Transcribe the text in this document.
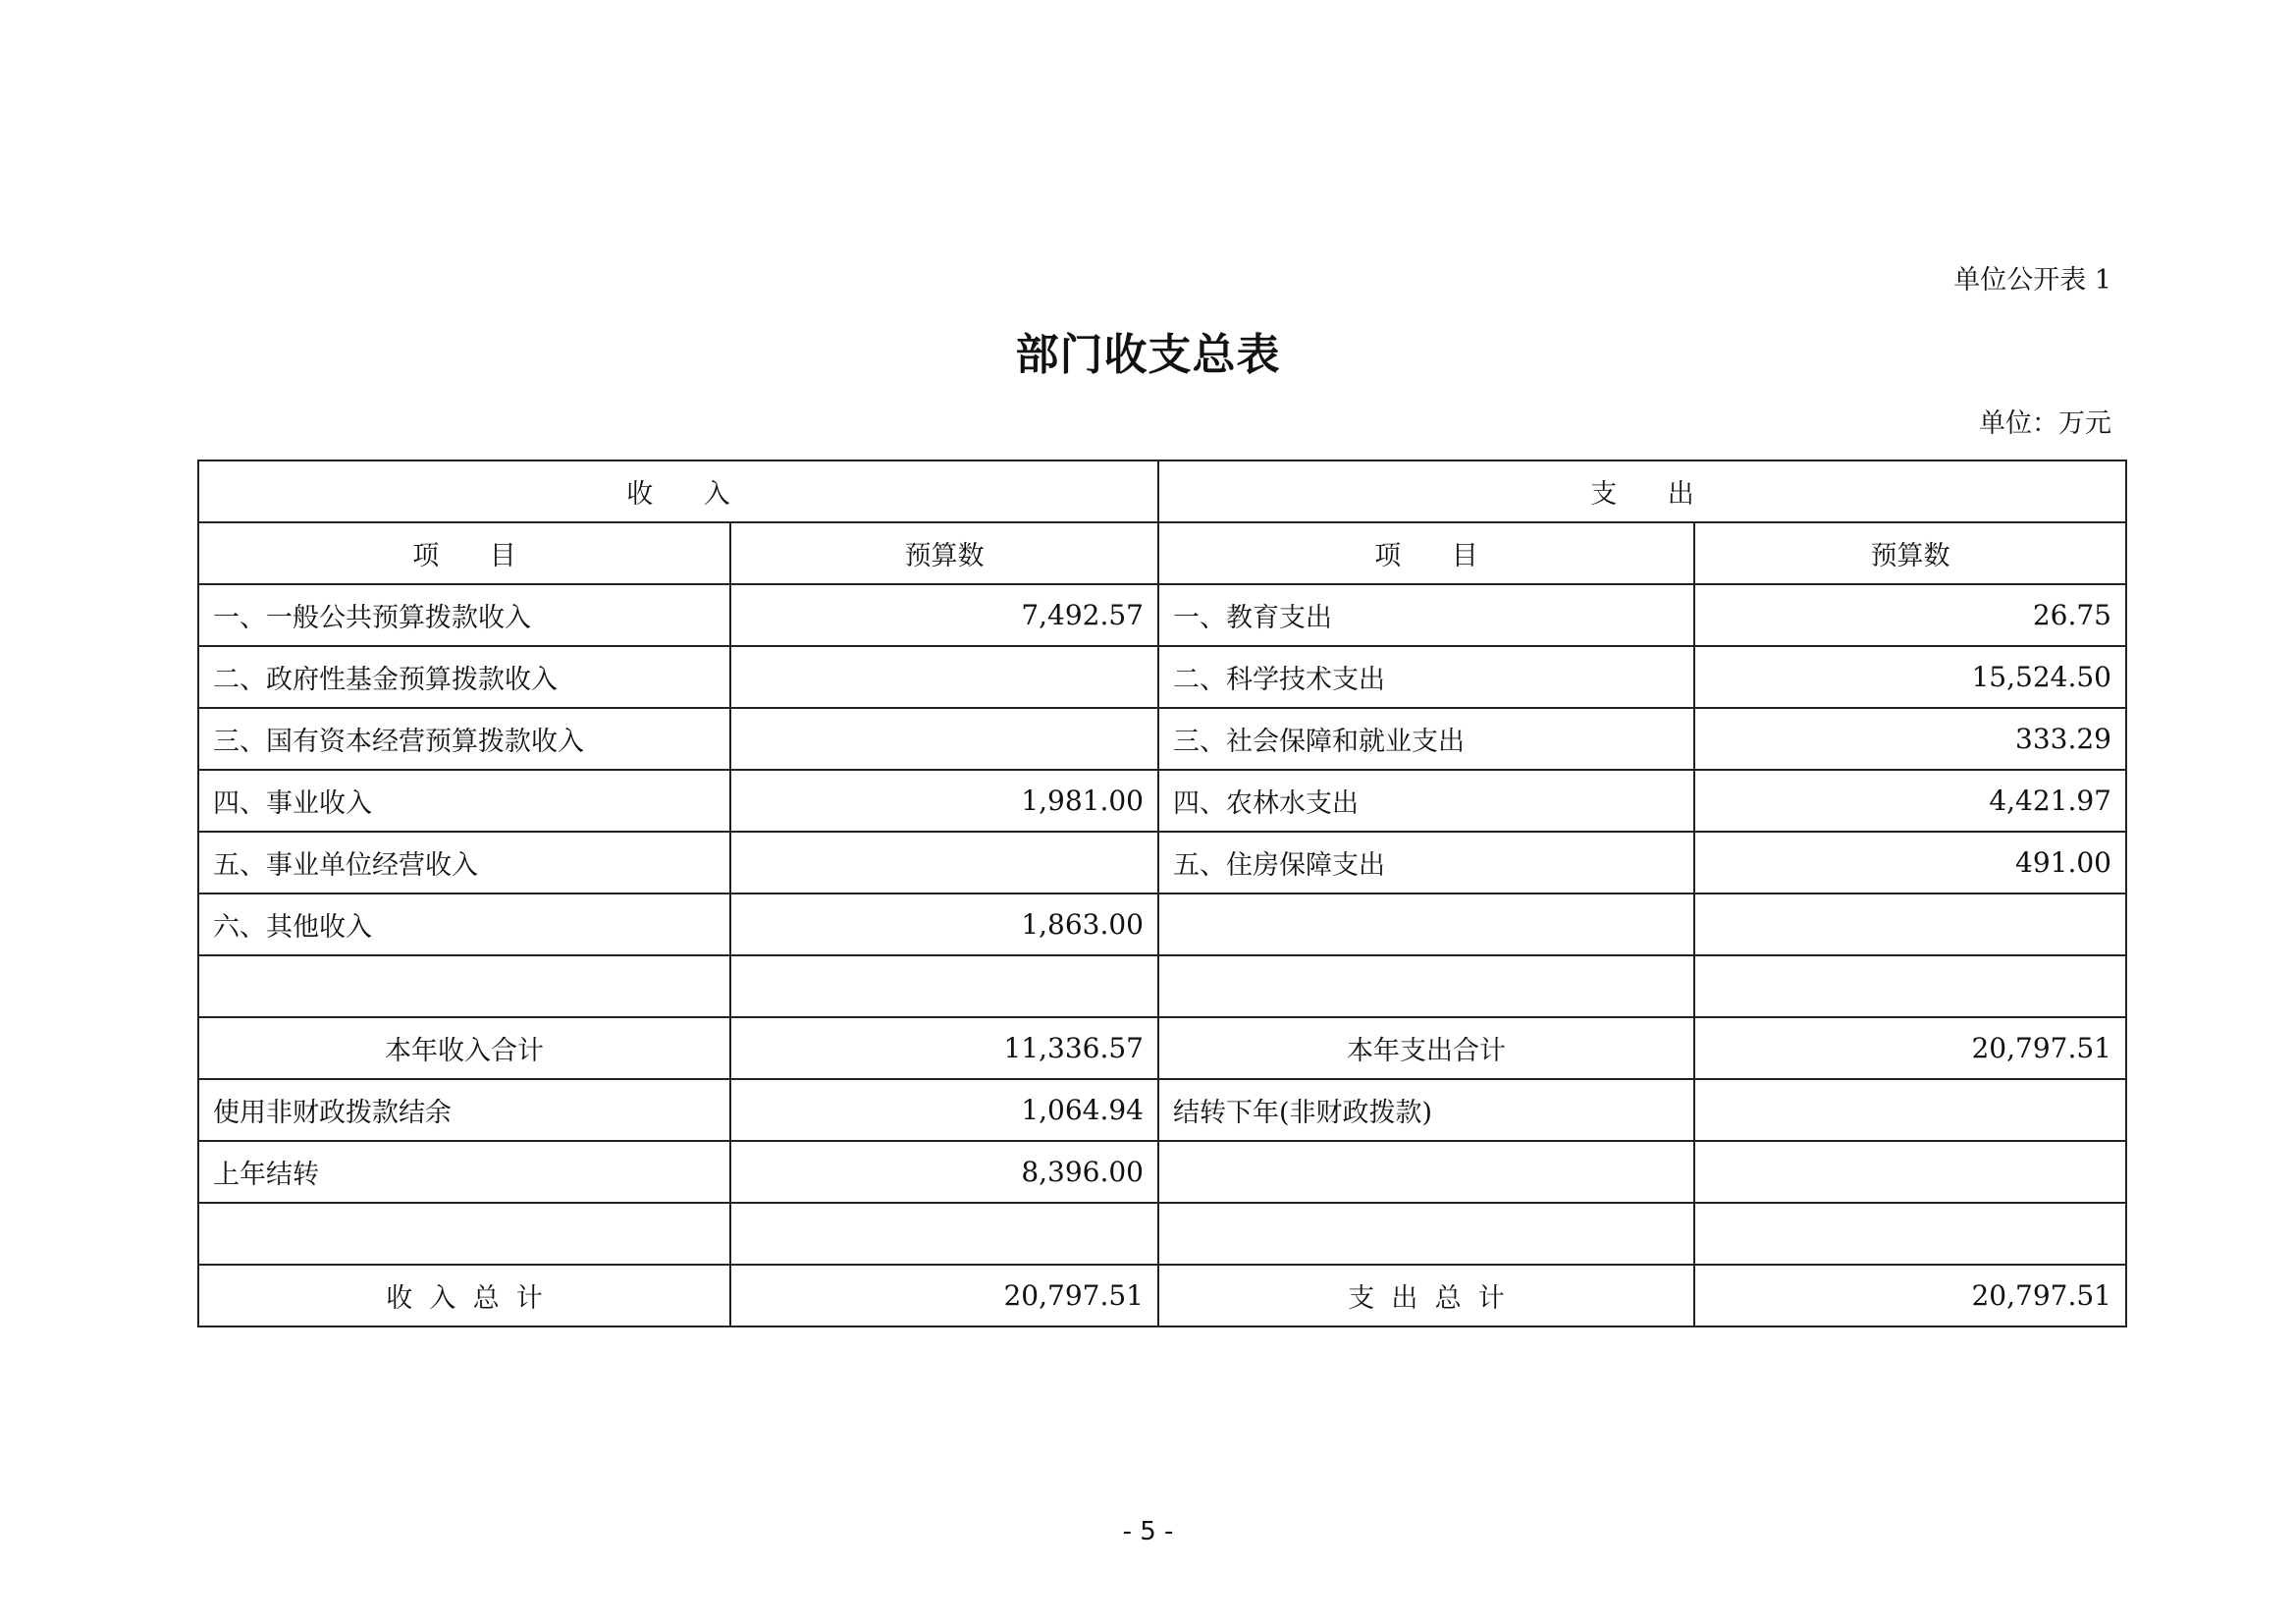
单位公开表 1
部门收支总表
单位：万元
收      入		支      出	
项      目	预算数	项      目	预算数
一、一般公共预算拨款收入	7,492.57	一、教育支出	26.75
二、政府性基金预算拨款收入		二、科学技术支出	15,524.50
三、国有资本经营预算拨款收入		三、社会保障和就业支出	333.29
四、事业收入	1,981.00	四、农林水支出	4,421.97
五、事业单位经营收入		五、住房保障支出	491.00
六、其他收入	1,863.00		

本年收入合计	11,336.57	本年支出合计	20,797.51
使用非财政拨款结余	1,064.94	结转下年(非财政拨款)	
上年结转	8,396.00		

收  入  总  计	20,797.51	支  出  总  计	20,797.51
- 5 -
